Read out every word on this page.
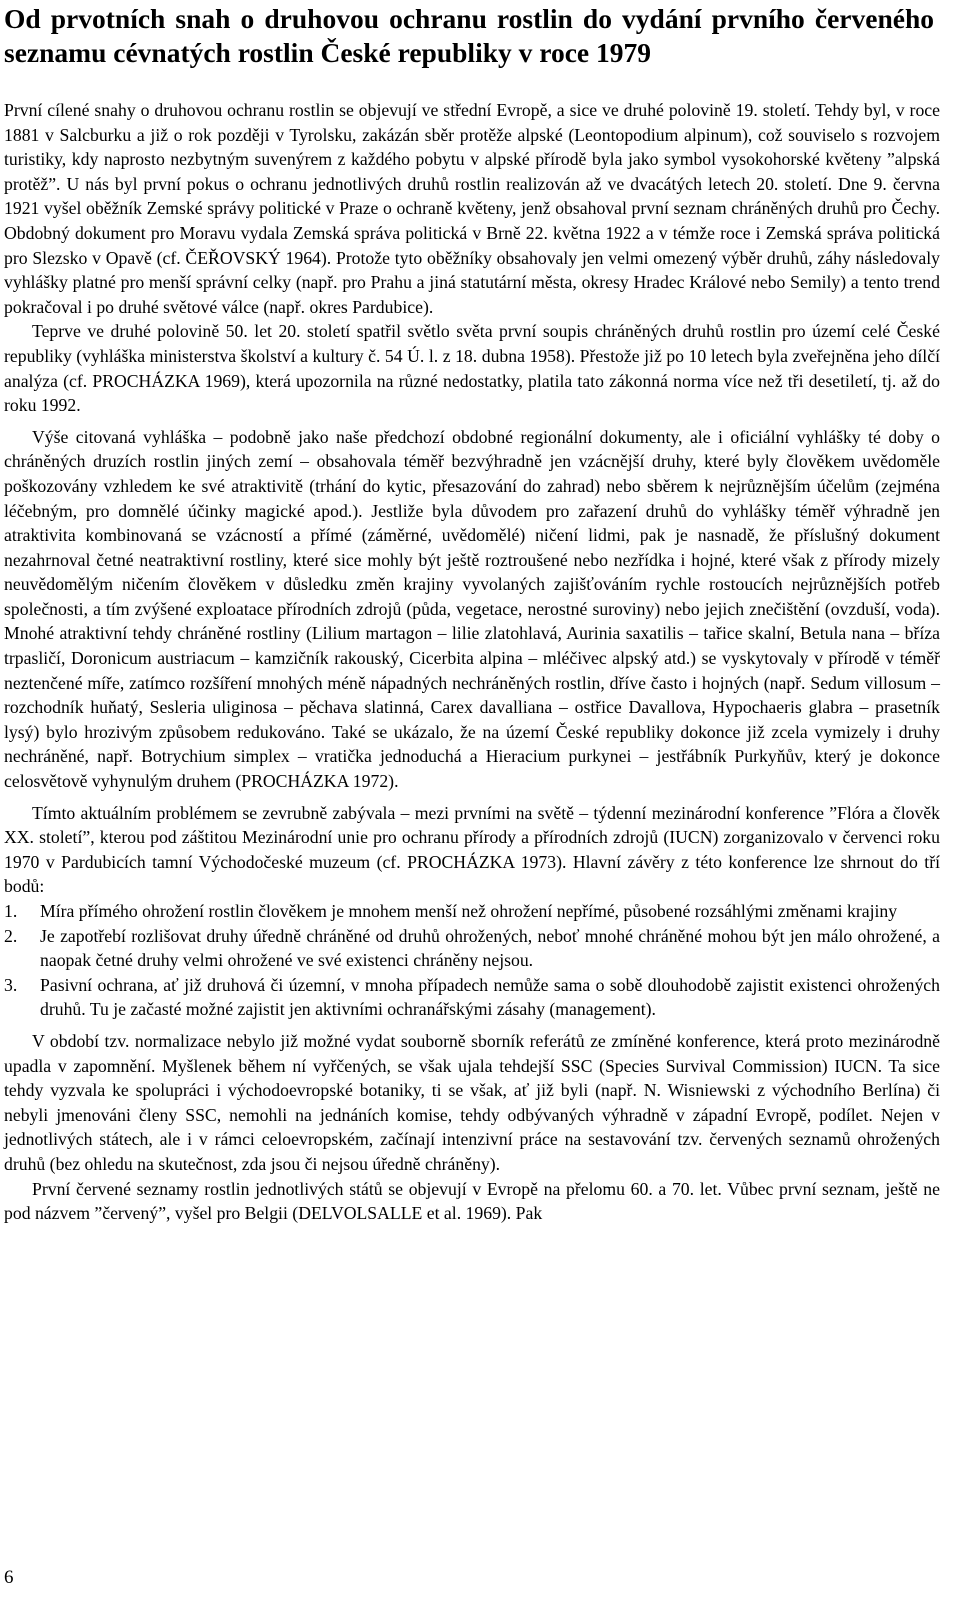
Od prvotních snah o druhovou ochranu rostlin do vydání prvního červeného seznamu cévnatých rostlin České republiky v roce 1979

První cílené snahy o druhovou ochranu rostlin se objevují ve střední Evropě, a sice ve druhé polovině 19. století. Tehdy byl, v roce 1881 v Salcburku a již o rok později v Tyrolsku, zakázán sběr protěže alpské (Leontopodium alpinum), což souviselo s rozvojem turistiky, kdy naprosto nezbytným suvenýrem z každého pobytu v alpské přírodě byla jako symbol vysokohorské květeny ”alpská protěž”. U nás byl první pokus o ochranu jednotlivých druhů rostlin realizován až ve dvacátých letech 20. století. Dne 9. června 1921 vyšel oběžník Zemské správy politické v Praze o ochraně květeny, jenž obsahoval první seznam chráněných druhů pro Čechy. Obdobný dokument pro Moravu vydala Zemská správa politická v Brně 22. května 1922 a v témže roce i Zemská správa politická pro Slezsko v Opavě (cf. ČEŘOVSKÝ 1964). Protože tyto oběžníky obsahovaly jen velmi omezený výběr druhů, záhy následovaly vyhlášky platné pro menší správní celky (např. pro Prahu a jiná statutární města, okresy Hradec Králové nebo Semily) a tento trend pokračoval i po druhé světové válce (např. okres Pardubice).

Teprve ve druhé polovině 50. let 20. století spatřil světlo světa první soupis chráněných druhů rostlin pro území celé České republiky (vyhláška ministerstva školství a kultury č. 54 Ú. l. z 18. dubna 1958). Přestože již po 10 letech byla zveřejněna jeho dílčí analýza (cf. PROCHÁZKA 1969), která upozornila na různé nedostatky, platila tato zákonná norma více než tři desetiletí, tj. až do roku 1992.

Výše citovaná vyhláška – podobně jako naše předchozí obdobné regionální dokumenty, ale i oficiální vyhlášky té doby o chráněných druzích rostlin jiných zemí – obsahovala téměř bezvýhradně jen vzácnější druhy, které byly člověkem uvědoměle poškozovány vzhledem ke své atraktivitě (trhání do kytic, přesazování do zahrad) nebo sběrem k nejrůznějším účelům (zejména léčebným, pro domnělé účinky magické apod.). Jestliže byla důvodem pro zařazení druhů do vyhlášky téměř výhradně jen atraktivita kombinovaná se vzácností a přímé (záměrné, uvědomělé) ničení lidmi, pak je nasnadě, že příslušný dokument nezahrnoval četné neatraktivní rostliny, které sice mohly být ještě roztroušené nebo nezřídka i hojné, které však z přírody mizely neuvědomělým ničením člověkem v důsledku změn krajiny vyvolaných zajišťováním rychle rostoucích nejrůznějších potřeb společnosti, a tím zvýšené exploatace přírodních zdrojů (půda, vegetace, nerostné suroviny) nebo jejich znečištění (ovzduší, voda). Mnohé atraktivní tehdy chráněné rostliny (Lilium martagon – lilie zlatohlavá, Aurinia saxatilis – tařice skalní, Betula nana – bříza trpasličí, Doronicum austriacum – kamzičník rakouský, Cicerbita alpina – mléčivec alpský atd.) se vyskytovaly v přírodě v téměř neztenčené míře, zatímco rozšíření mnohých méně nápadných nechráněných rostlin, dříve často i hojných (např. Sedum villosum – rozchodník huňatý, Sesleria uliginosa – pěchava slatinná, Carex davalliana – ostřice Davallova, Hypochaeris glabra – prasetník lysý) bylo hrozivým způsobem redukováno. Také se ukázalo, že na území České republiky dokonce již zcela vymizely i druhy nechráněné, např. Botrychium simplex – vratička jednoduchá a Hieracium purkynei – jestřábník Purkyňův, který je dokonce celosvětově vyhynulým druhem (PROCHÁZKA 1972).

Tímto aktuálním problémem se zevrubně zabývala – mezi prvními na světě – týdenní mezinárodní konference ”Flóra a člověk XX. století”, kterou pod záštitou Mezinárodní unie pro ochranu přírody a přírodních zdrojů (IUCN) zorganizovalo v červenci roku 1970 v Pardubicích tamní Východočeské muzeum (cf. PROCHÁZKA 1973). Hlavní závěry z této konference lze shrnout do tří bodů:

1. Míra přímého ohrožení rostlin člověkem je mnohem menší než ohrožení nepřímé, působené rozsáhlými změnami krajiny
2. Je zapotřebí rozlišovat druhy úředně chráněné od druhů ohrožených, neboť mnohé chráněné mohou být jen málo ohrožené, a naopak četné druhy velmi ohrožené ve své existenci chráněny nejsou.
3. Pasivní ochrana, ať již druhová či územní, v mnoha případech nemůže sama o sobě dlouhodobě zajistit existenci ohrožených druhů. Tu je začasté možné zajistit jen aktivními ochranářskými zásahy (management).

V období tzv. normalizace nebylo již možné vydat souborně sborník referátů ze zmíněné konference, která proto mezinárodně upadla v zapomnění. Myšlenek během ní vyřčených, se však ujala tehdejší SSC (Species Survival Commission) IUCN. Ta sice tehdy vyzvala ke spolupráci i východoevropské botaniky, ti se však, ať již byli (např. N. Wisniewski z východního Berlína) či nebyli jmenováni členy SSC, nemohli na jednáních komise, tehdy odbývaných výhradně v západní Evropě, podílet. Nejen v jednotlivých státech, ale i v rámci celoevropském, začínají intenzivní práce na sestavování tzv. červených seznamů ohrožených druhů (bez ohledu na skutečnost, zda jsou či nejsou úředně chráněny).

První červené seznamy rostlin jednotlivých států se objevují v Evropě na přelomu 60. a 70. let. Vůbec první seznam, ještě ne pod názvem ”červený”, vyšel pro Belgii (DELVOLSALLE et al. 1969). Pak

6
